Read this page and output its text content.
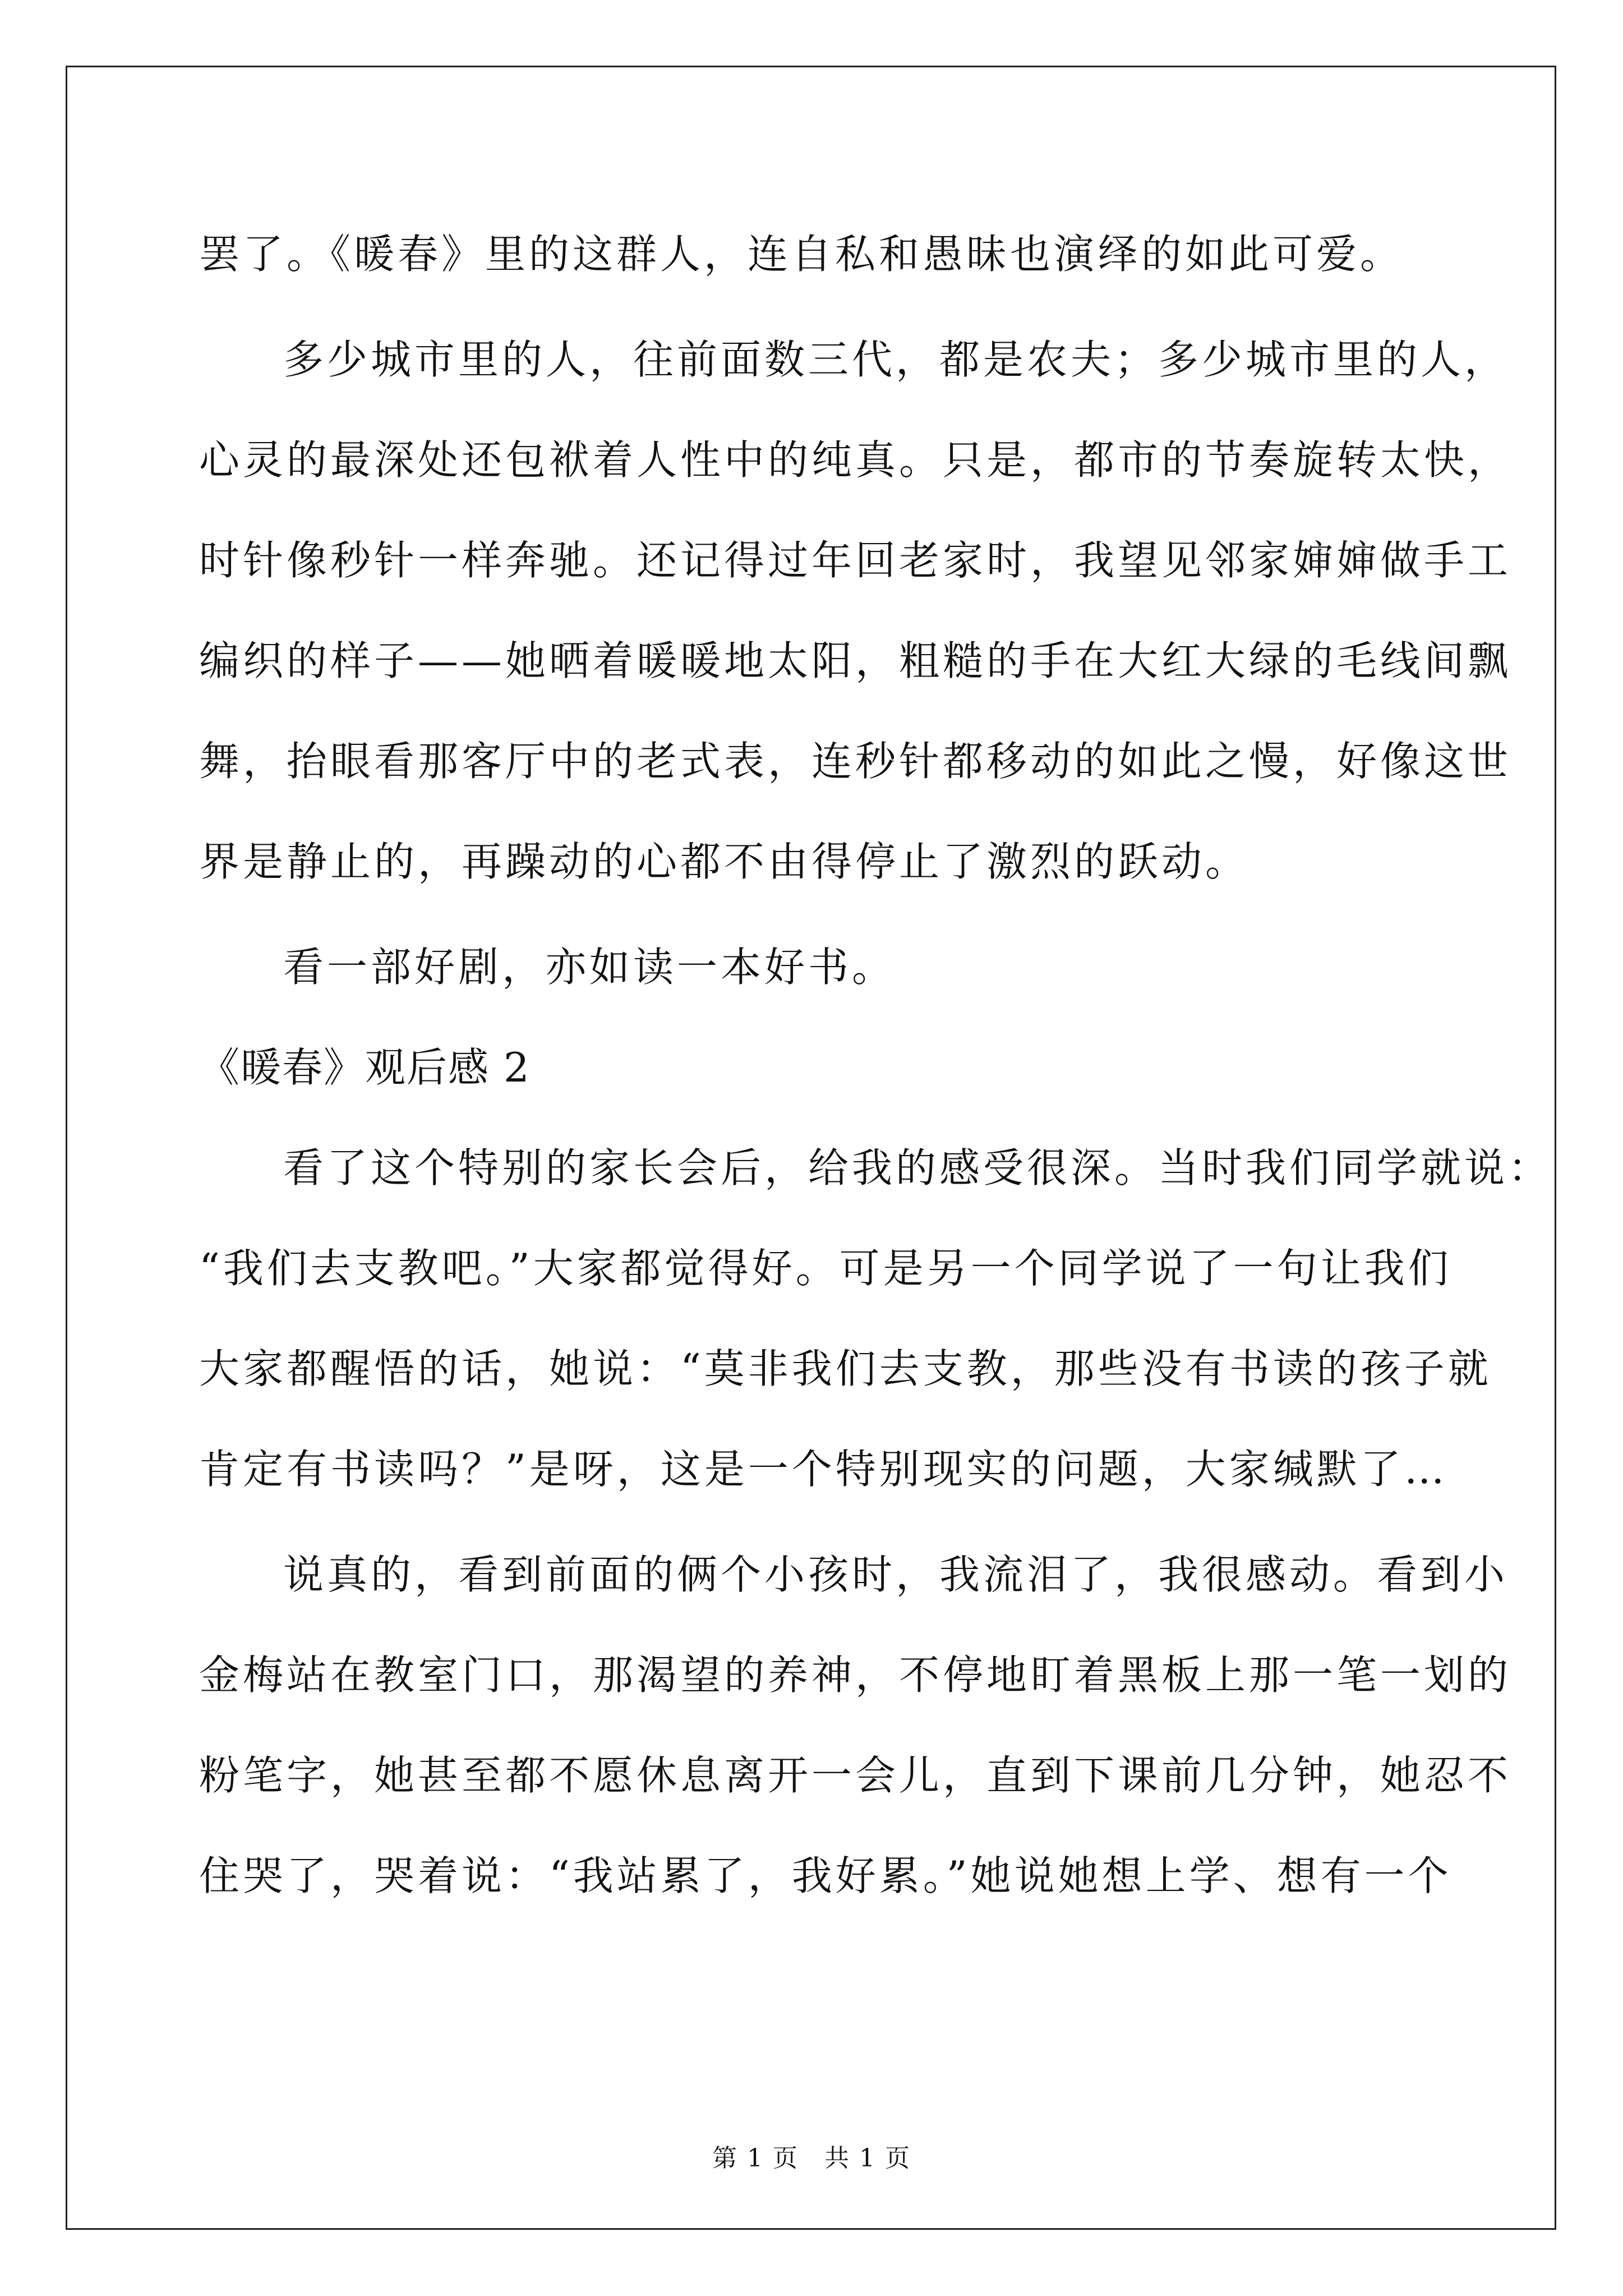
罢了。《暖春》里的这群人，连自私和愚昧也演绎的如此可爱。
多少城市里的人，往前面数三代，都是农夫；多少城市里的人，
心灵的最深处还包袱着人性中的纯真。只是，都市的节奏旋转太快，
时针像秒针一样奔驰。还记得过年回老家时，我望见邻家婶婶做手工
编织的样子——她晒着暖暖地太阳，粗糙的手在大红大绿的毛线间飘
舞，抬眼看那客厅中的老式表，连秒针都移动的如此之慢，好像这世
界是静止的，再躁动的心都不由得停止了激烈的跃动。
看一部好剧，亦如读一本好书。
《暖春》观后感 2
看了这个特别的家长会后，给我的感受很深。当时我们同学就说：
“我们去支教吧。”大家都觉得好。可是另一个同学说了一句让我们
大家都醒悟的话，她说：“莫非我们去支教，那些没有书读的孩子就
肯定有书读吗？”是呀，这是一个特别现实的问题，大家缄默了…
说真的，看到前面的俩个小孩时，我流泪了，我很感动。看到小
金梅站在教室门口，那渴望的养神，不停地盯着黑板上那一笔一划的
粉笔字，她甚至都不愿休息离开一会儿，直到下课前几分钟，她忍不
住哭了，哭着说：“我站累了，我好累。”她说她想上学、想有一个
第 1 页　共 1 页
